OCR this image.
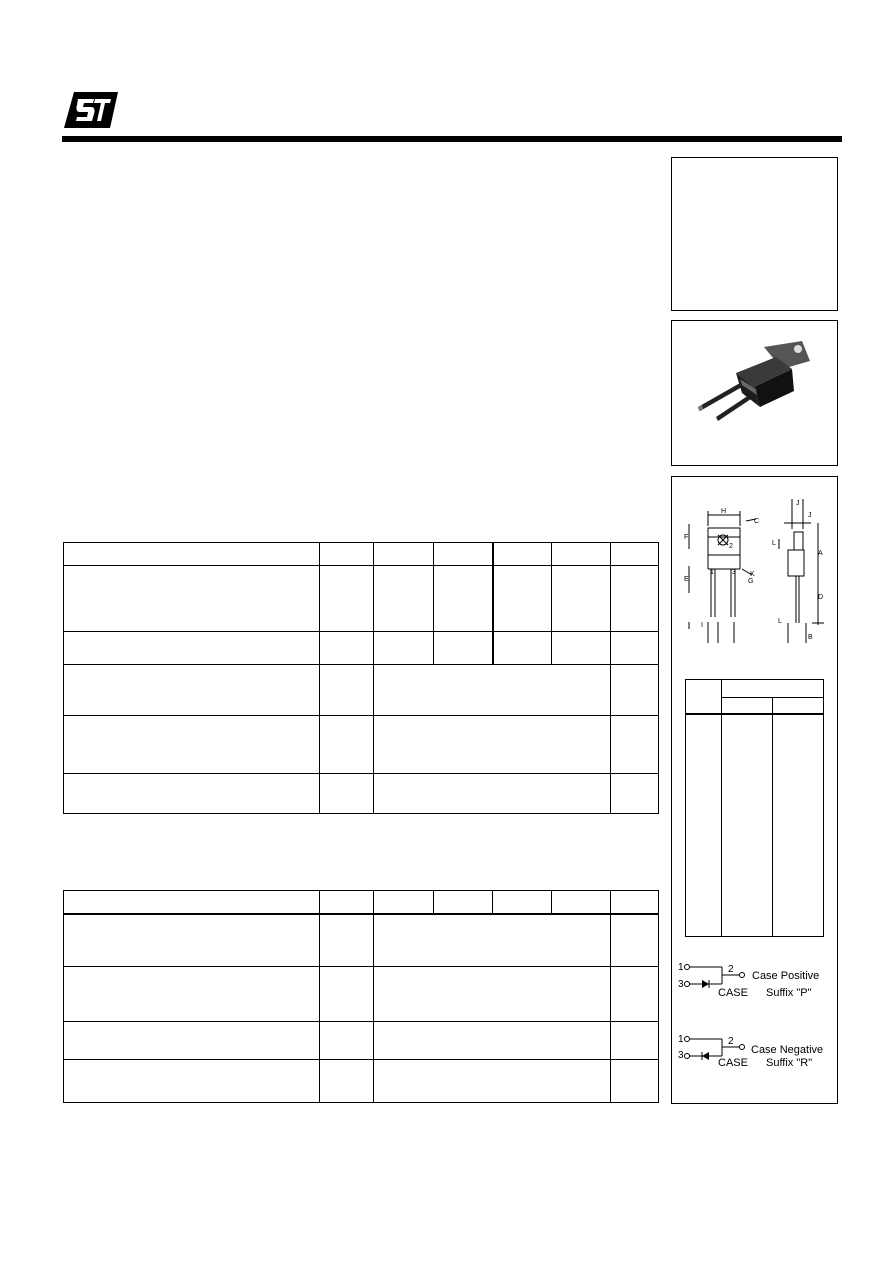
H
C
F
2
1	3
E
I
K
G
J
J
L
A
D
L
B

1	2
3
Case Positive
CASE Suffix "P"
1	2
3	Case Negative
CASE Suffix "R"
